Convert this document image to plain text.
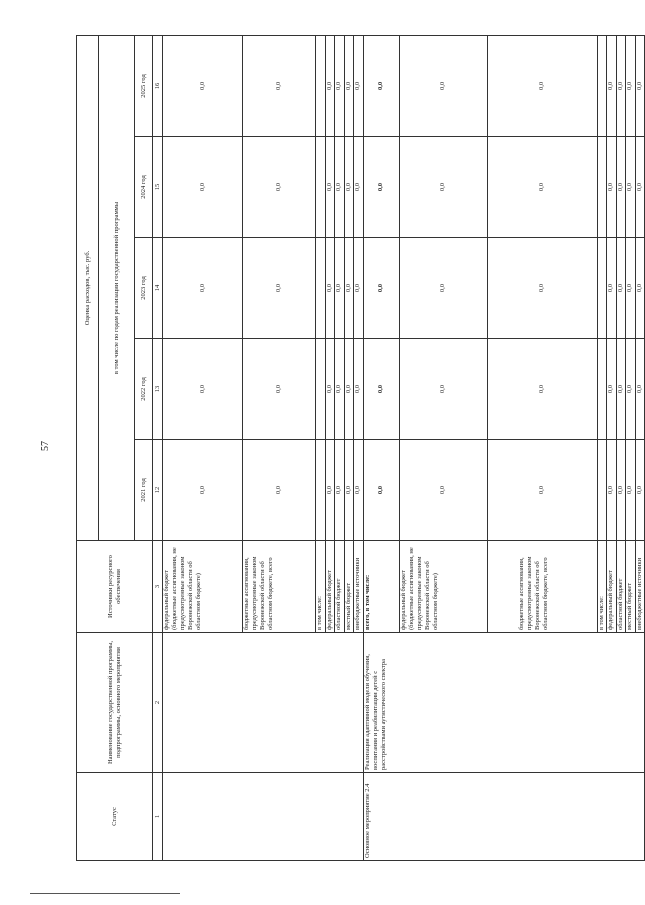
57
Статус	Наименование государственной программы, подпрограммы, основного мероприятия	Источники ресурсного обеспечения	Оценка расходов, тыс. руб.				
			в том числе по годам реализации государственной программы				
			2021 год	2022 год	2023 год	2024 год	2025 год
1	2	3	12	13	14	15	16
		федеральный бюджет (бюджетные ассигнования, не предусмотренные законом Воронежской области об областном бюджете)	0,0	0,0	0,0	0,0	0,0
		бюджетные ассигнования, предусмотренные законом Воронежской области об областном бюджете, всего	0,0	0,0	0,0	0,0	0,0
		в том числе:					
		федеральный бюджет	0,0	0,0	0,0	0,0	0,0
		областной бюджет	0,0	0,0	0,0	0,0	0,0
		местный бюджет	0,0	0,0	0,0	0,0	0,0
		внебюджетные источники	0,0	0,0	0,0	0,0	0,0
Основное мероприятие 2.4	Реализация адаптивной модели обучения, воспитания и реабилитации детей с расстройствами аутистического спектра	всего, в том числе:	0,0	0,0	0,0	0,0	0,0
		федеральный бюджет (бюджетные ассигнования, не предусмотренные законом Воронежской области об областном бюджете)	0,0	0,0	0,0	0,0	0,0
		бюджетные ассигнования, предусмотренные законом Воронежской области об областном бюджете, всего	0,0	0,0	0,0	0,0	0,0
		в том числе:					
		федеральный бюджет	0,0	0,0	0,0	0,0	0,0
		областной бюджет	0,0	0,0	0,0	0,0	0,0
		местный бюджет	0,0	0,0	0,0	0,0	0,0
		внебюджетные источники	0,0	0,0	0,0	0,0	0,0
